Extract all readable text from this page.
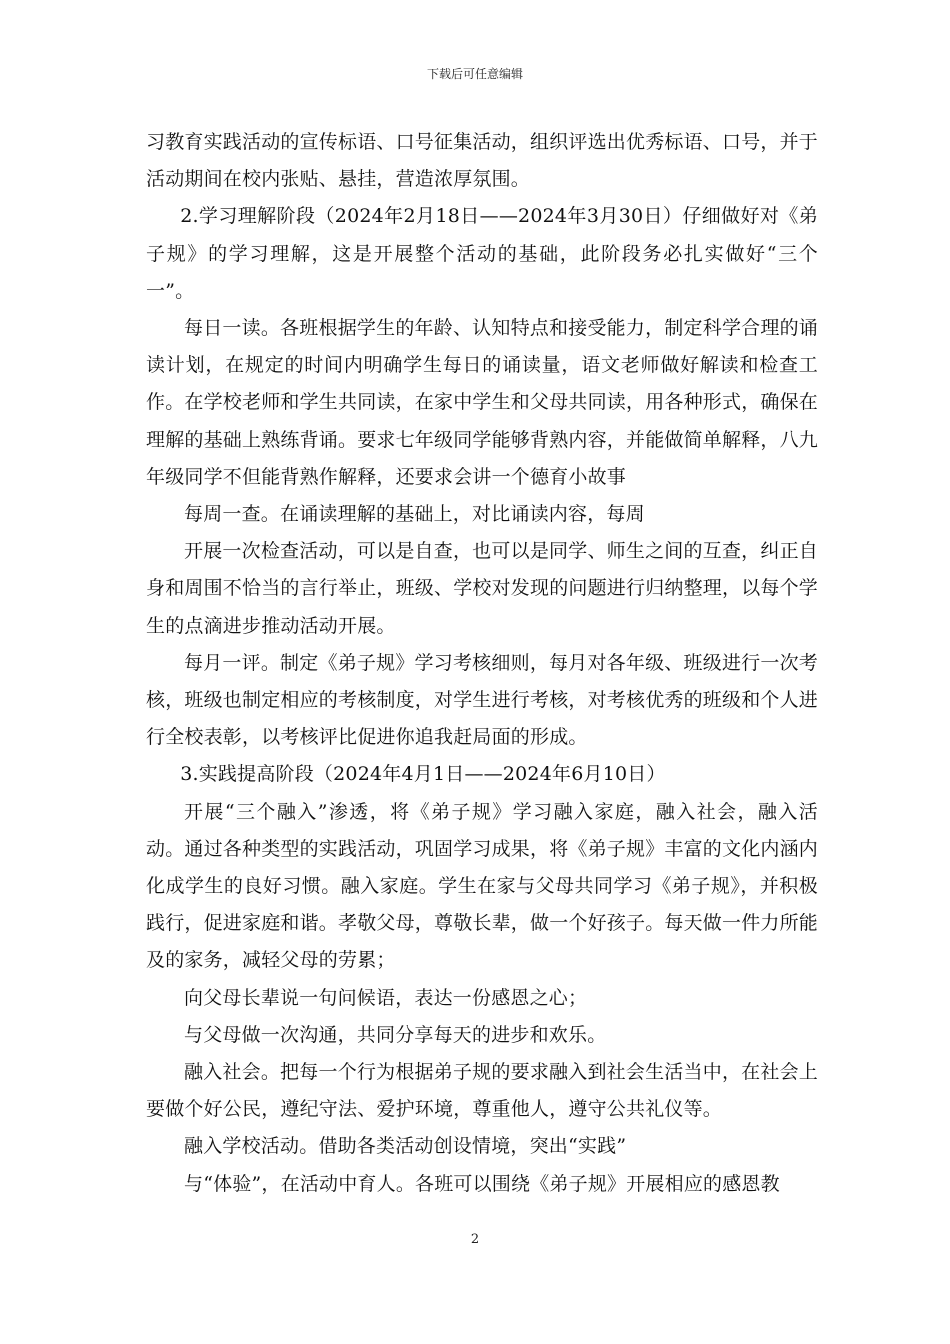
下载后可任意编辑

习教育实践活动的宣传标语、口号征集活动，组织评选出优秀标语、口号，并于活动期间在校内张贴、悬挂，营造浓厚氛围。

2.学习理解阶段（2024年2月18日——2024年3月30日）仔细做好对《弟子规》的学习理解，这是开展整个活动的基础，此阶段务必扎实做好“三个一”。

每日一读。各班根据学生的年龄、认知特点和接受能力，制定科学合理的诵读计划，在规定的时间内明确学生每日的诵读量，语文老师做好解读和检查工作。在学校老师和学生共同读，在家中学生和父母共同读，用各种形式，确保在理解的基础上熟练背诵。要求七年级同学能够背熟内容，并能做简单解释，八九年级同学不但能背熟作解释，还要求会讲一个德育小故事

每周一查。在诵读理解的基础上，对比诵读内容，每周

开展一次检查活动，可以是自查，也可以是同学、师生之间的互查，纠正自身和周围不恰当的言行举止，班级、学校对发现的问题进行归纳整理，以每个学生的点滴进步推动活动开展。

每月一评。制定《弟子规》学习考核细则，每月对各年级、班级进行一次考核，班级也制定相应的考核制度，对学生进行考核，对考核优秀的班级和个人进行全校表彰，以考核评比促进你追我赶局面的形成。

3.实践提高阶段（2024年4月1日——2024年6月10日）

开展“三个融入”渗透，将《弟子规》学习融入家庭，融入社会，融入活动。通过各种类型的实践活动，巩固学习成果，将《弟子规》丰富的文化内涵内化成学生的良好习惯。融入家庭。学生在家与父母共同学习《弟子规》，并积极践行，促进家庭和谐。孝敬父母，尊敬长辈，做一个好孩子。每天做一件力所能及的家务，减轻父母的劳累；

向父母长辈说一句问候语，表达一份感恩之心；

与父母做一次沟通，共同分享每天的进步和欢乐。

融入社会。把每一个行为根据弟子规的要求融入到社会生活当中，在社会上要做个好公民，遵纪守法、爱护环境，尊重他人，遵守公共礼仪等。

融入学校活动。借助各类活动创设情境，突出“实践”

与“体验”，在活动中育人。各班可以围绕《弟子规》开展相应的感恩教

2
